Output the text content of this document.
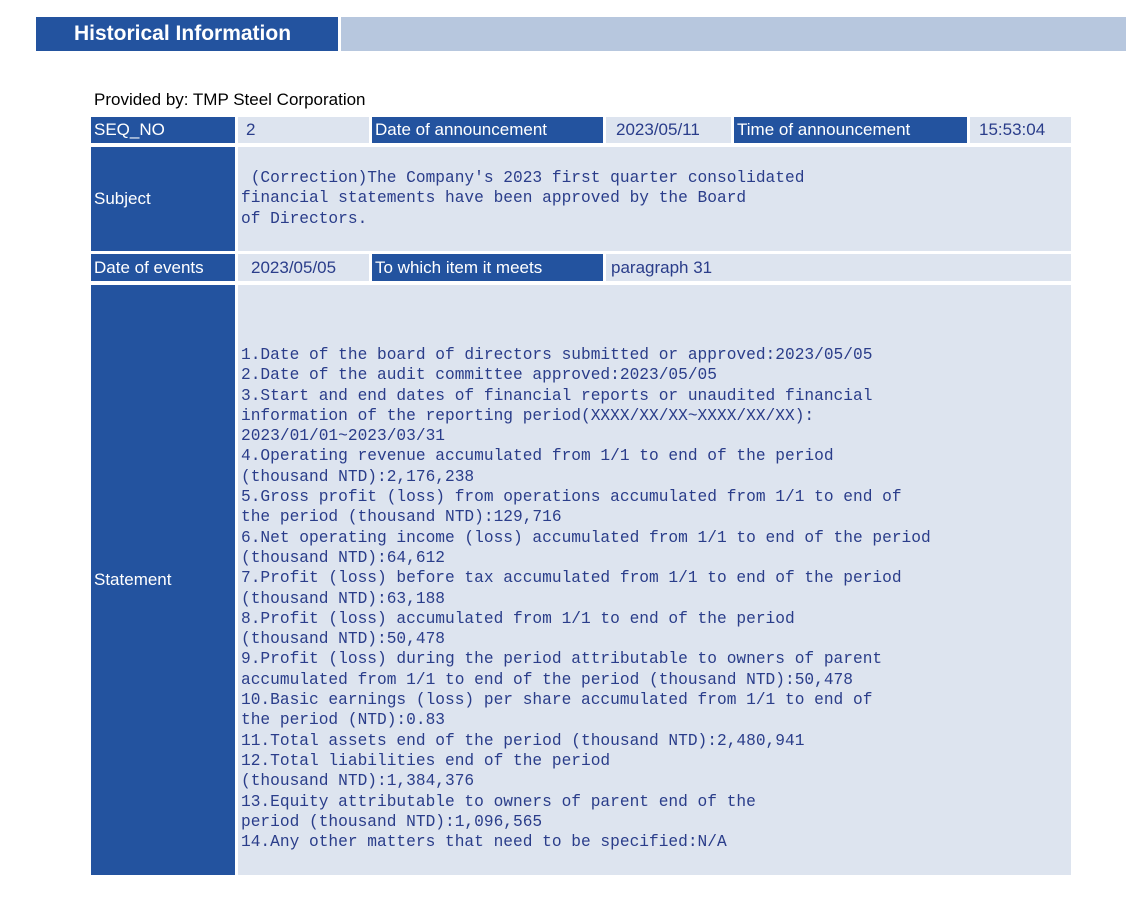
Historical Information
Provided by: TMP Steel Corporation
SEQ_NO	2	Date of announcement	2023/05/11	Time of announcement	15:53:04
Subject
(Correction)The Company's 2023 first quarter consolidated
financial statements have been approved by the Board
of Directors.
Date of events	2023/05/05	To which item it meets	paragraph 31
Statement
1.Date of the board of directors submitted or approved:2023/05/05
2.Date of the audit committee approved:2023/05/05
3.Start and end dates of financial reports or unaudited financial
information of the reporting period(XXXX/XX/XX~XXXX/XX/XX):
2023/01/01~2023/03/31
4.Operating revenue accumulated from 1/1 to end of the period
(thousand NTD):2,176,238
5.Gross profit (loss) from operations accumulated from 1/1 to end of
the period (thousand NTD):129,716
6.Net operating income (loss) accumulated from 1/1 to end of the period
(thousand NTD):64,612
7.Profit (loss) before tax accumulated from 1/1 to end of the period
(thousand NTD):63,188
8.Profit (loss) accumulated from 1/1 to end of the period
(thousand NTD):50,478
9.Profit (loss) during the period attributable to owners of parent
accumulated from 1/1 to end of the period (thousand NTD):50,478
10.Basic earnings (loss) per share accumulated from 1/1 to end of
the period (NTD):0.83
11.Total assets end of the period (thousand NTD):2,480,941
12.Total liabilities end of the period
(thousand NTD):1,384,376
13.Equity attributable to owners of parent end of the
period (thousand NTD):1,096,565
14.Any other matters that need to be specified:N/A
